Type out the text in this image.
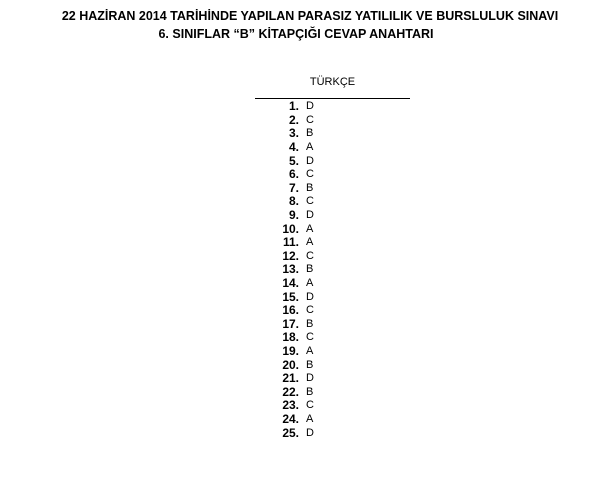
22 HAZİRAN 2014 TARİHİNDE YAPILAN PARASIZ YATILILIK VE BURSLULUK SINAVI
6. SINIFLAR “B” KİTAPÇIĞI CEVAP ANAHTARI
TÜRKÇE
1. D
2. C
3. B
4. A
5. D
6. C
7. B
8. C
9. D
10. A
11. A
12. C
13. B
14. A
15. D
16. C
17. B
18. C
19. A
20. B
21. D
22. B
23. C
24. A
25. D
